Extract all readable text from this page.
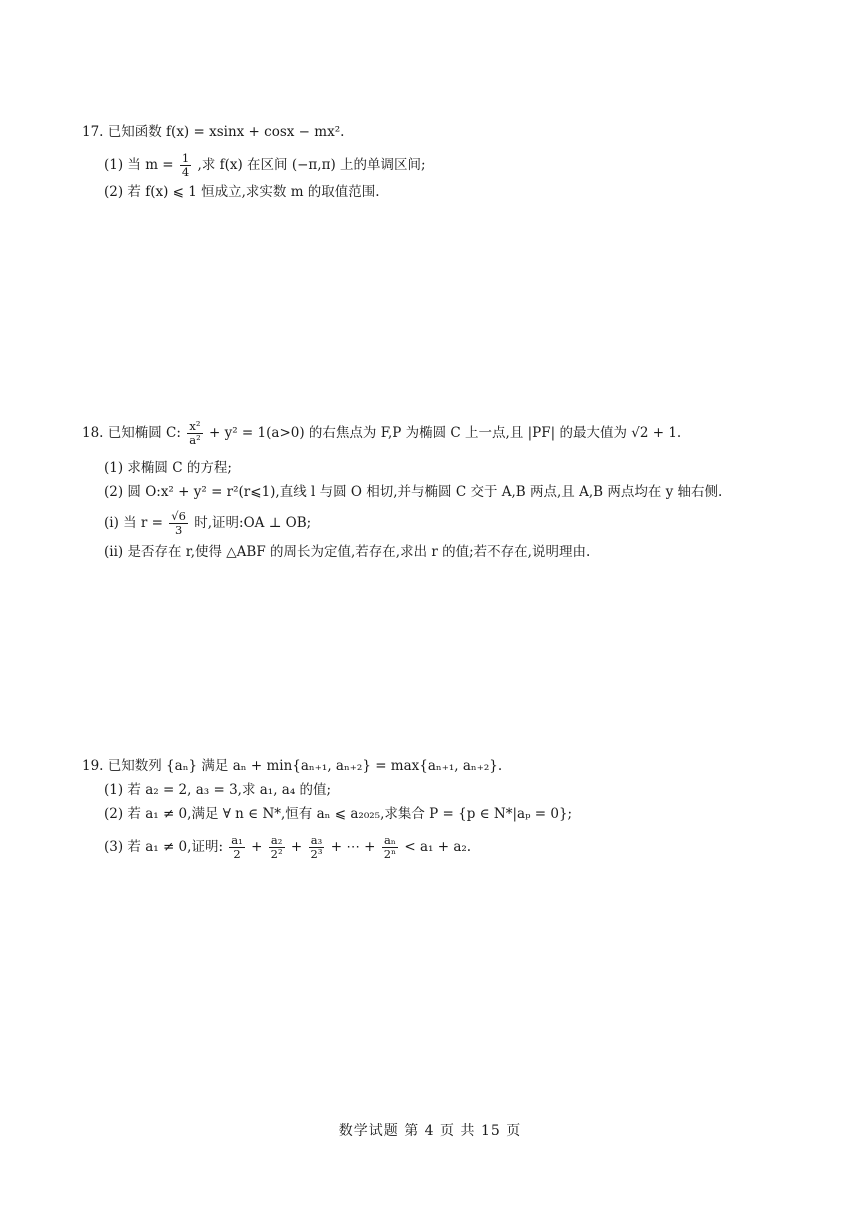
17. 已知函数 f(x) = xsinx + cosx − mx².
(1) 当 $m = \frac{1}{4}$ ,求 f(x) 在区间 (−π,π) 上的单调区间;
(2) 若 f(x) ⩽ 1 恒成立,求实数 m 的取值范围.
18. 已知椭圆 C: $\frac{\text{x²}}{\text{a²}} + y^2 = 1(a>0)$ 的右焦点为 F,P 为椭圆 C 上一点,且 |PF| 的最大值为 √2 + 1.
(1) 求椭圆 C 的方程;
(2) 圆 O:x² + y² = r²(r⩽1),直线 l 与圆 O 相切,并与椭圆 C 交于 A,B 两点,且 A,B 两点均在 y 轴右侧.
(i) 当 $r = \frac{√6}{3}$ 时,证明:OA ⊥ OB;
(ii) 是否存在 r,使得 △ABF 的周长为定值,若存在,求出 r 的值;若不存在,说明理由.
19. 已知数列 {aₙ} 满足 aₙ + min{aₙ₊₁, aₙ₊₂} = max{aₙ₊₁, aₙ₊₂}.
(1) 若 a₂ = 2, a₃ = 3,求 a₁, a₄ 的值;
(2) 若 a₁ ≠ 0,满足 ∀ n ∈ N*,恒有 aₙ ⩽ a₂₀₂₅,求集合 P = {p ∈ N*|aₚ = 0};
(3) 若 a₁ ≠ 0,证明: $\frac{\text{a₁}}{2} + \frac{\text{a₂}}{\text{2²}} + \frac{\text{a₃}}{\text{2³}}$ + ⋯ + $\frac{\text{aₙ}}{\text{2ⁿ}} < a_1 + a_2$.
数学试题 第 4 页 共 15 页
